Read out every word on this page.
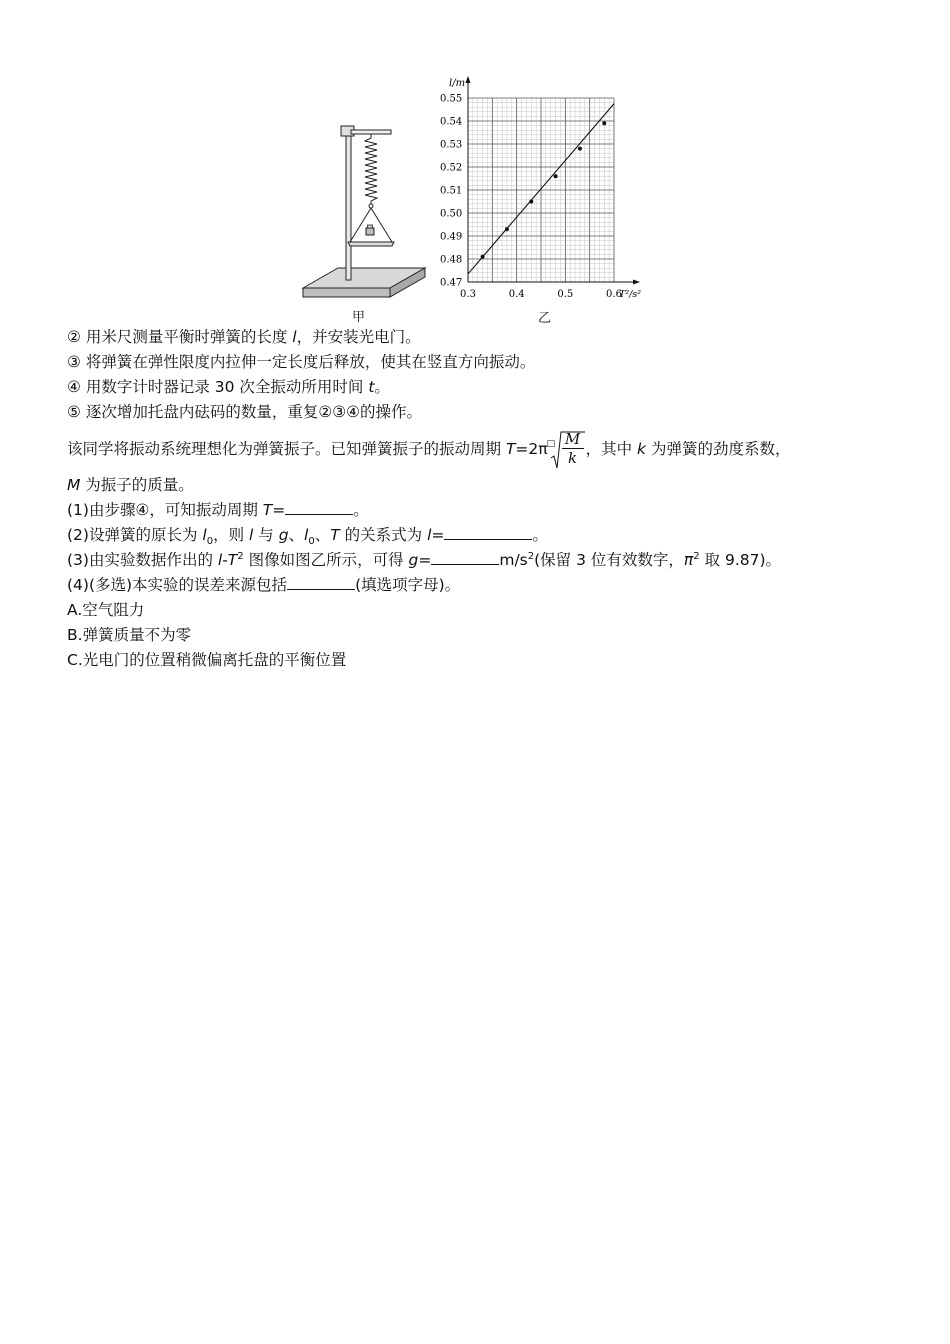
甲
l/m
T²/s²
0.55
0.54
0.53
0.52
0.51
0.50
0.49
0.48
0.47
0.3	0.4	0.5	0.6
乙
② 用米尺测量平衡时弹簧的长度 l，并安装光电门。
③ 将弹簧在弹性限度内拉伸一定长度后释放，使其在竖直方向振动。
④ 用数字计时器记录 30 次全振动所用时间 t。
⑤ 逐次增加托盘内砝码的数量，重复②③④的操作。
该同学将振动系统理想化为弹簧振子。已知弹簧振子的振动周期 T=2π □ $\frac{M}{k}$ ，其中 k 为弹簧的劲度系数，
M 为振子的质量。
(1)由步骤④，可知振动周期 T=	。
(2)设弹簧的原长为 $l_0$，则 l 与 g、$l_0$、T 的关系式为 l=	。
(3)由实验数据作出的 $l-T^2$ 图像如图乙所示，可得 g=	$m/s^2$(保留 3 位有效数字，$\pi^2$ 取 9.87)。
(4)(多选)本实验的误差来源包括	(填选项字母)。
A.空气阻力
B.弹簧质量不为零
C.光电门的位置稍微偏离托盘的平衡位置
